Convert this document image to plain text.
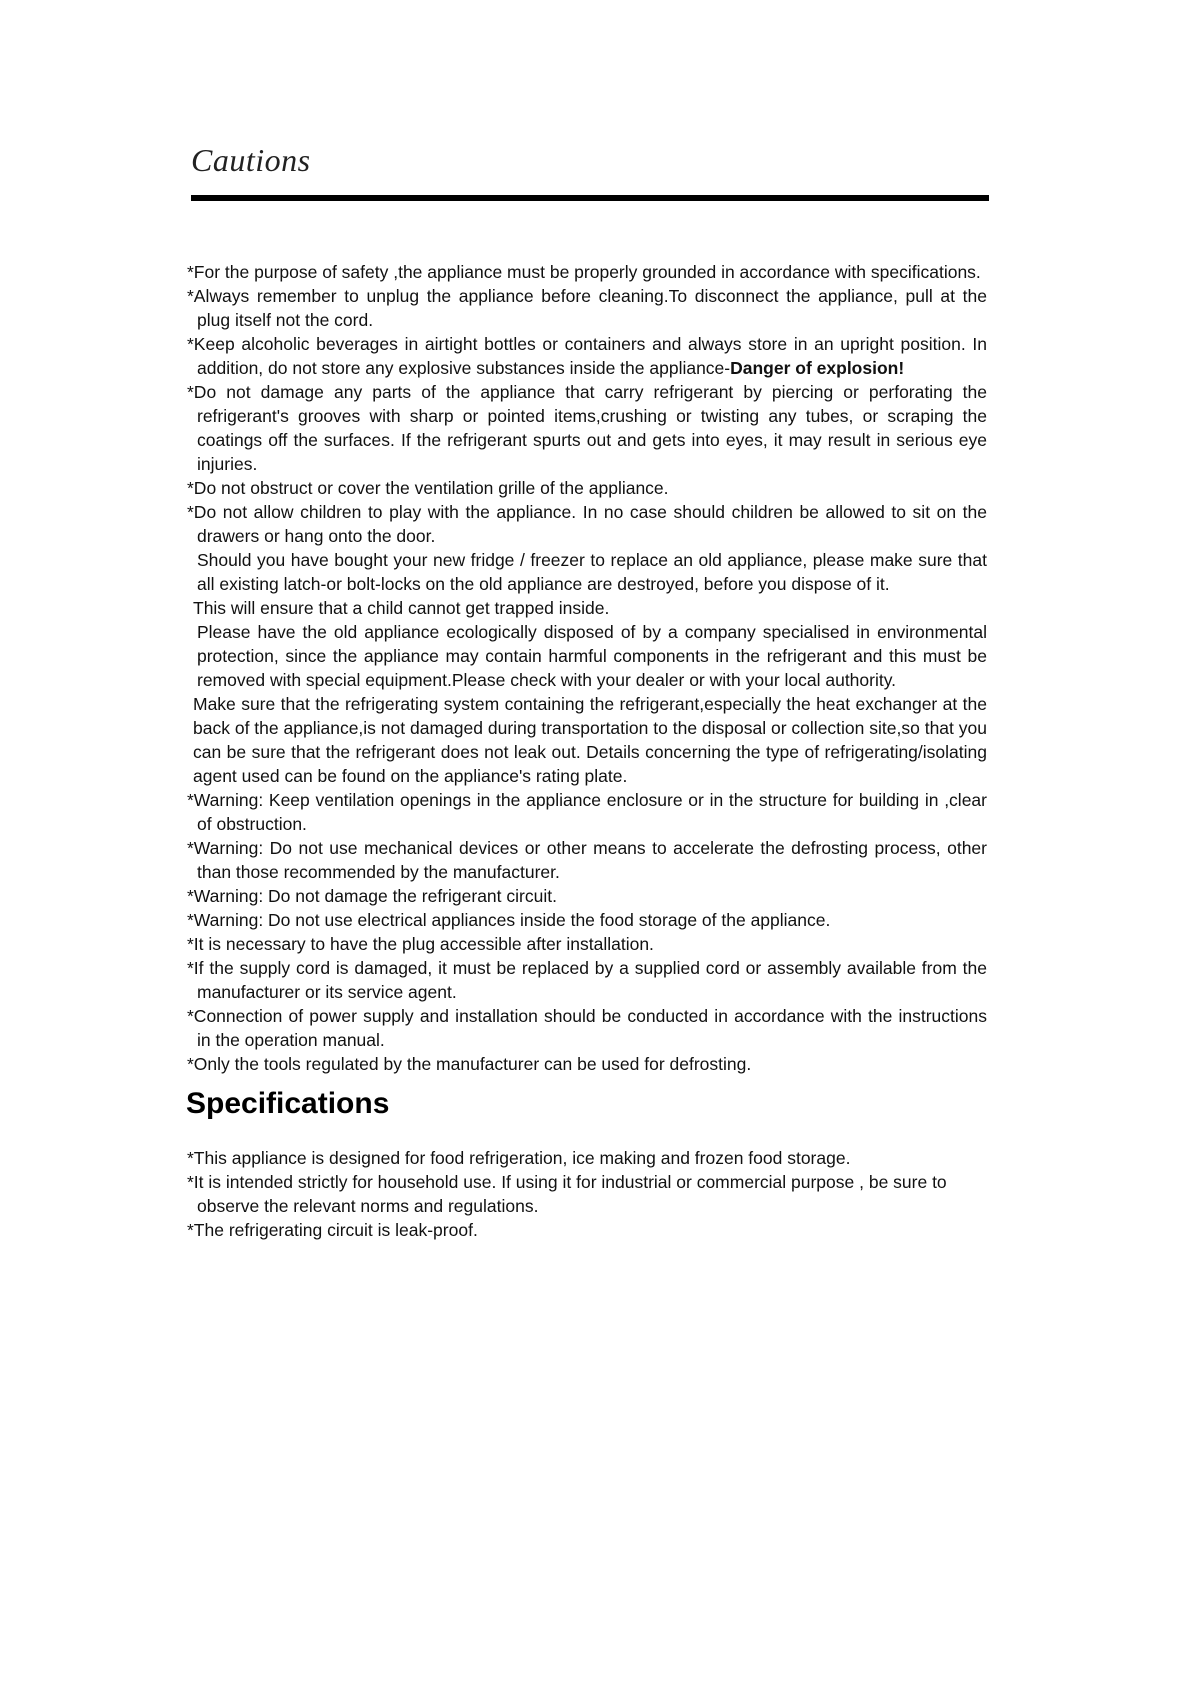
Cautions

*For the purpose of safety ,the appliance must be properly grounded in accordance with specifications.

*Always remember to unplug the appliance before cleaning.To disconnect the appliance, pull at the plug itself not the cord.

*Keep alcoholic beverages in airtight bottles or containers and always store in an upright position. In addition, do not store any explosive substances inside the appliance-Danger of explosion!

*Do not damage any parts of the appliance that carry refrigerant by piercing or perforating the refrigerant's grooves with sharp or pointed items,crushing or twisting any tubes, or scraping the coatings off the surfaces. If the refrigerant spurts out and gets into eyes, it may result in serious eye injuries.

*Do not obstruct or cover the ventilation grille of the appliance.

*Do not allow children to play with the appliance. In no case should children be allowed to sit on the drawers or hang onto the door.

Should you have bought your new fridge / freezer to replace an old appliance, please make sure that all existing latch-or bolt-locks on the old appliance are destroyed, before you dispose of it.

This will ensure that a child cannot get trapped inside.

Please have the old appliance ecologically disposed of by a company specialised in environmental protection, since the appliance may contain harmful components in the refrigerant and this must be removed with special equipment.Please check with your dealer or with your local authority.

Make sure that the refrigerating system containing the refrigerant,especially the heat exchanger at the back of the appliance,is not damaged during transportation to the disposal or collection site,so that you can be sure that the refrigerant does not leak out. Details concerning the type of refrigerating/isolating agent used can be found on the appliance's rating plate.

*Warning: Keep ventilation openings in the appliance enclosure or in the structure for building in ,clear of obstruction.

*Warning: Do not use mechanical devices or other means to accelerate the defrosting process, other than those recommended by the manufacturer.

*Warning: Do not damage the refrigerant circuit.

*Warning: Do not use electrical appliances inside the food storage of the appliance.

*It is necessary to have the plug accessible after installation.

*If the supply cord is damaged, it must be replaced by a supplied cord or assembly available from the manufacturer or its service agent.

*Connection of power supply and installation should be conducted in accordance with the instructions in the operation manual.

*Only the tools regulated by the manufacturer can be used for defrosting.

Specifications

*This appliance is designed for food refrigeration, ice making and frozen food storage.

*It is intended strictly for household use. If using it for industrial or commercial purpose , be sure to observe the relevant norms and regulations.

*The refrigerating circuit is leak-proof.
